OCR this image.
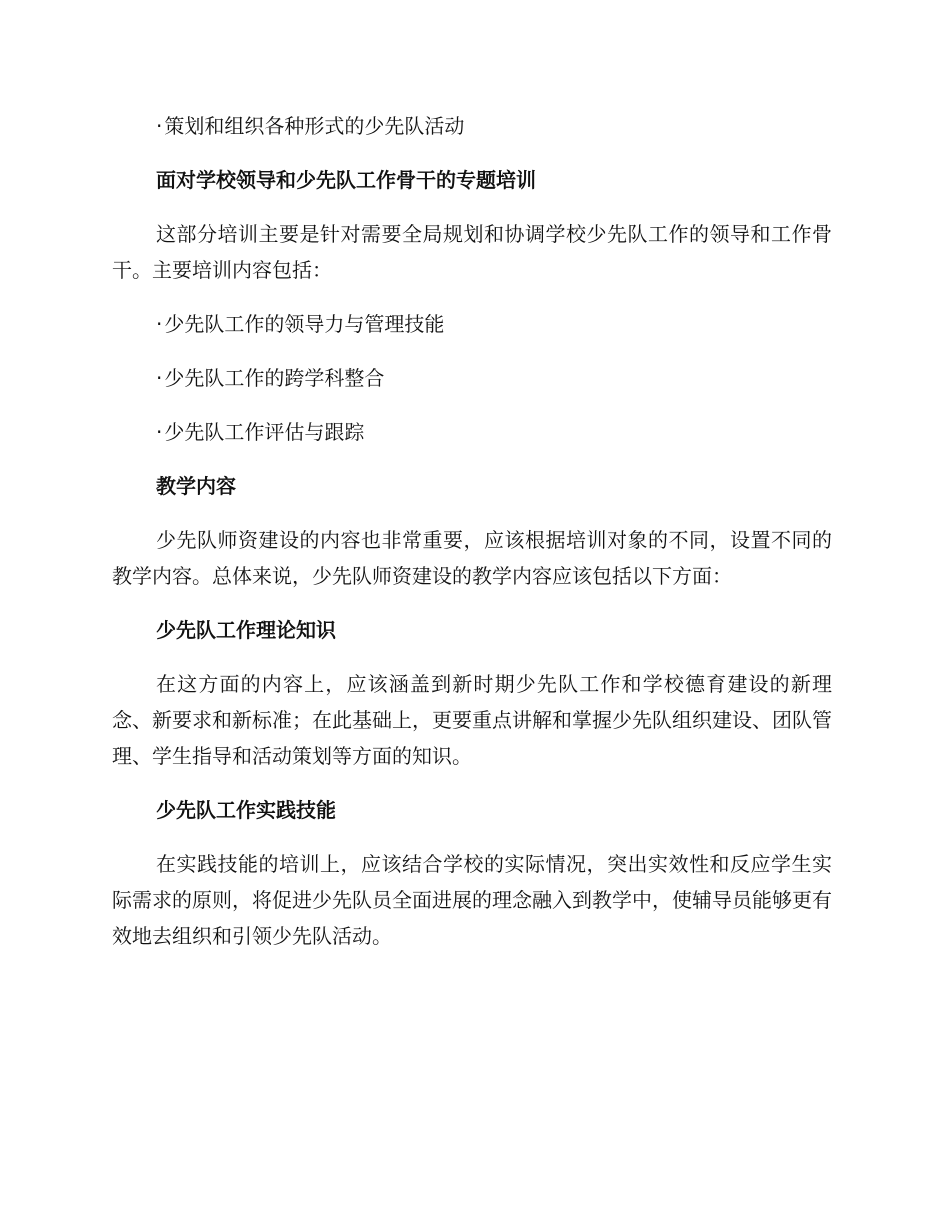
· 策划和组织各种形式的少先队活动
面对学校领导和少先队工作骨干的专题培训
这部分培训主要是针对需要全局规划和协调学校少先队工作的领导和工作骨干。主要培训内容包括：
· 少先队工作的领导力与管理技能
· 少先队工作的跨学科整合
· 少先队工作评估与跟踪
教学内容
少先队师资建设的内容也非常重要，应该根据培训对象的不同，设置不同的教学内容。总体来说，少先队师资建设的教学内容应该包括以下方面：
少先队工作理论知识
在这方面的内容上，应该涵盖到新时期少先队工作和学校德育建设的新理念、新要求和新标准；在此基础上，更要重点讲解和掌握少先队组织建设、团队管理、学生指导和活动策划等方面的知识。
少先队工作实践技能
在实践技能的培训上，应该结合学校的实际情况，突出实效性和反应学生实际需求的原则，将促进少先队员全面进展的理念融入到教学中，使辅导员能够更有效地去组织和引领少先队活动。
